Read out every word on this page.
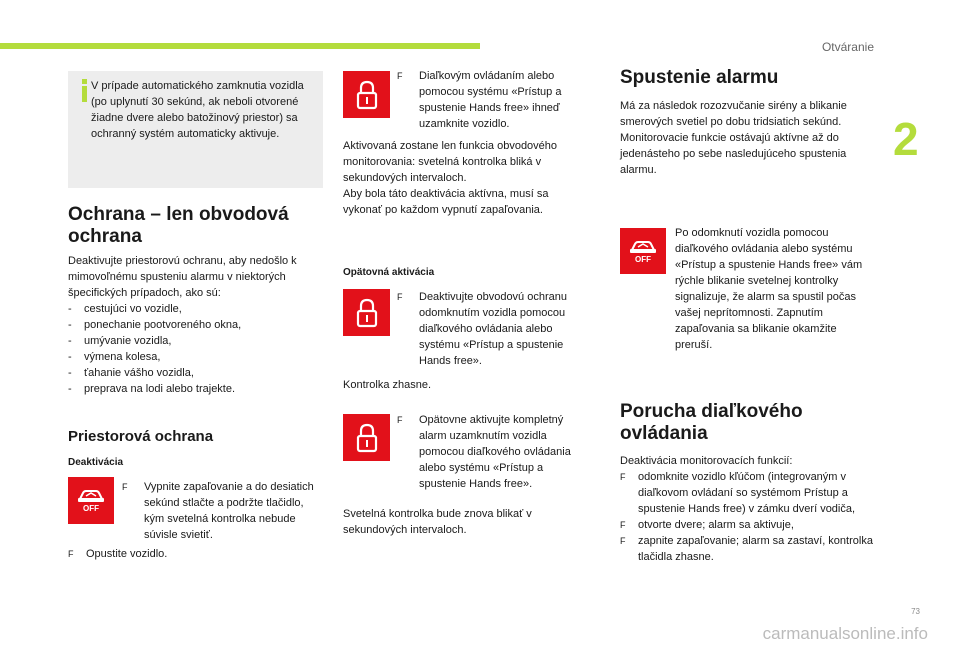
Otváranie
2
73
carmanualsonline.info
V prípade automatického zamknutia vozidla (po uplynutí 30 sekúnd, ak neboli otvorené žiadne dvere alebo batožinový priestor) sa ochranný systém automaticky aktivuje.
Ochrana – len obvodová ochrana

Deaktivujte priestorovú ochranu, aby nedošlo k mimovoľnému spusteniu alarmu v niektorých špecifických prípadoch, ako sú:

-	cestujúci vo vozidle,
-	ponechanie pootvoreného okna,
-	umývanie vozidla,
-	výmena kolesa,
-	ťahanie vášho vozidla,
-	preprava na lodi alebo trajekte.
Priestorová ochrana
Deaktivácia
OFF
F	Vypnite zapaľovanie a do desiatich sekúnd stlačte a podržte tlačidlo, kým svetelná kontrolka nebude súvisle svietiť.
F	Opustite vozidlo.
F	Diaľkovým ovládaním alebo pomocou systému «Prístup a spustenie Hands free» ihneď uzamknite vozidlo.

Aktivovaná zostane len funkcia obvodového monitorovania: svetelná kontrolka bliká v sekundových intervaloch.

Aby bola táto deaktivácia aktívna, musí sa vykonať po každom vypnutí zapaľovania.

Opätovná aktivácia
F	Deaktivujte obvodovú ochranu odomknutím vozidla pomocou diaľkového ovládania alebo systému «Prístup a spustenie Hands free».

Kontrolka zhasne.

F	Opätovne aktivujte kompletný alarm uzamknutím vozidla pomocou diaľkového ovládania alebo systému «Prístup a spustenie Hands free».

Svetelná kontrolka bude znova blikať v sekundových intervaloch.

Spustenie alarmu

Má za následok rozozvučanie sirény a blikanie smerových svetiel po dobu tridsiatich sekúnd. Monitorovacie funkcie ostávajú aktívne až do jedenásteho po sebe nasledujúceho spustenia alarmu.

OFF

Po odomknutí vozidla pomocou diaľkového ovládania alebo systému «Prístup a spustenie Hands free» vám rýchle blikanie svetelnej kontrolky signalizuje, že alarm sa spustil počas vašej neprítomnosti. Zapnutím zapaľovania sa blikanie okamžite preruší.

Porucha diaľkového ovládania

Deaktivácia monitorovacích funkcií:

F	odomknite vozidlo kľúčom (integrovaným v diaľkovom ovládaní so systémom Prístup a spustenie Hands free) v zámku dverí vodiča,
F	otvorte dvere; alarm sa aktivuje,
F	zapnite zapaľovanie; alarm sa zastaví, kontrolka tlačidla zhasne.
